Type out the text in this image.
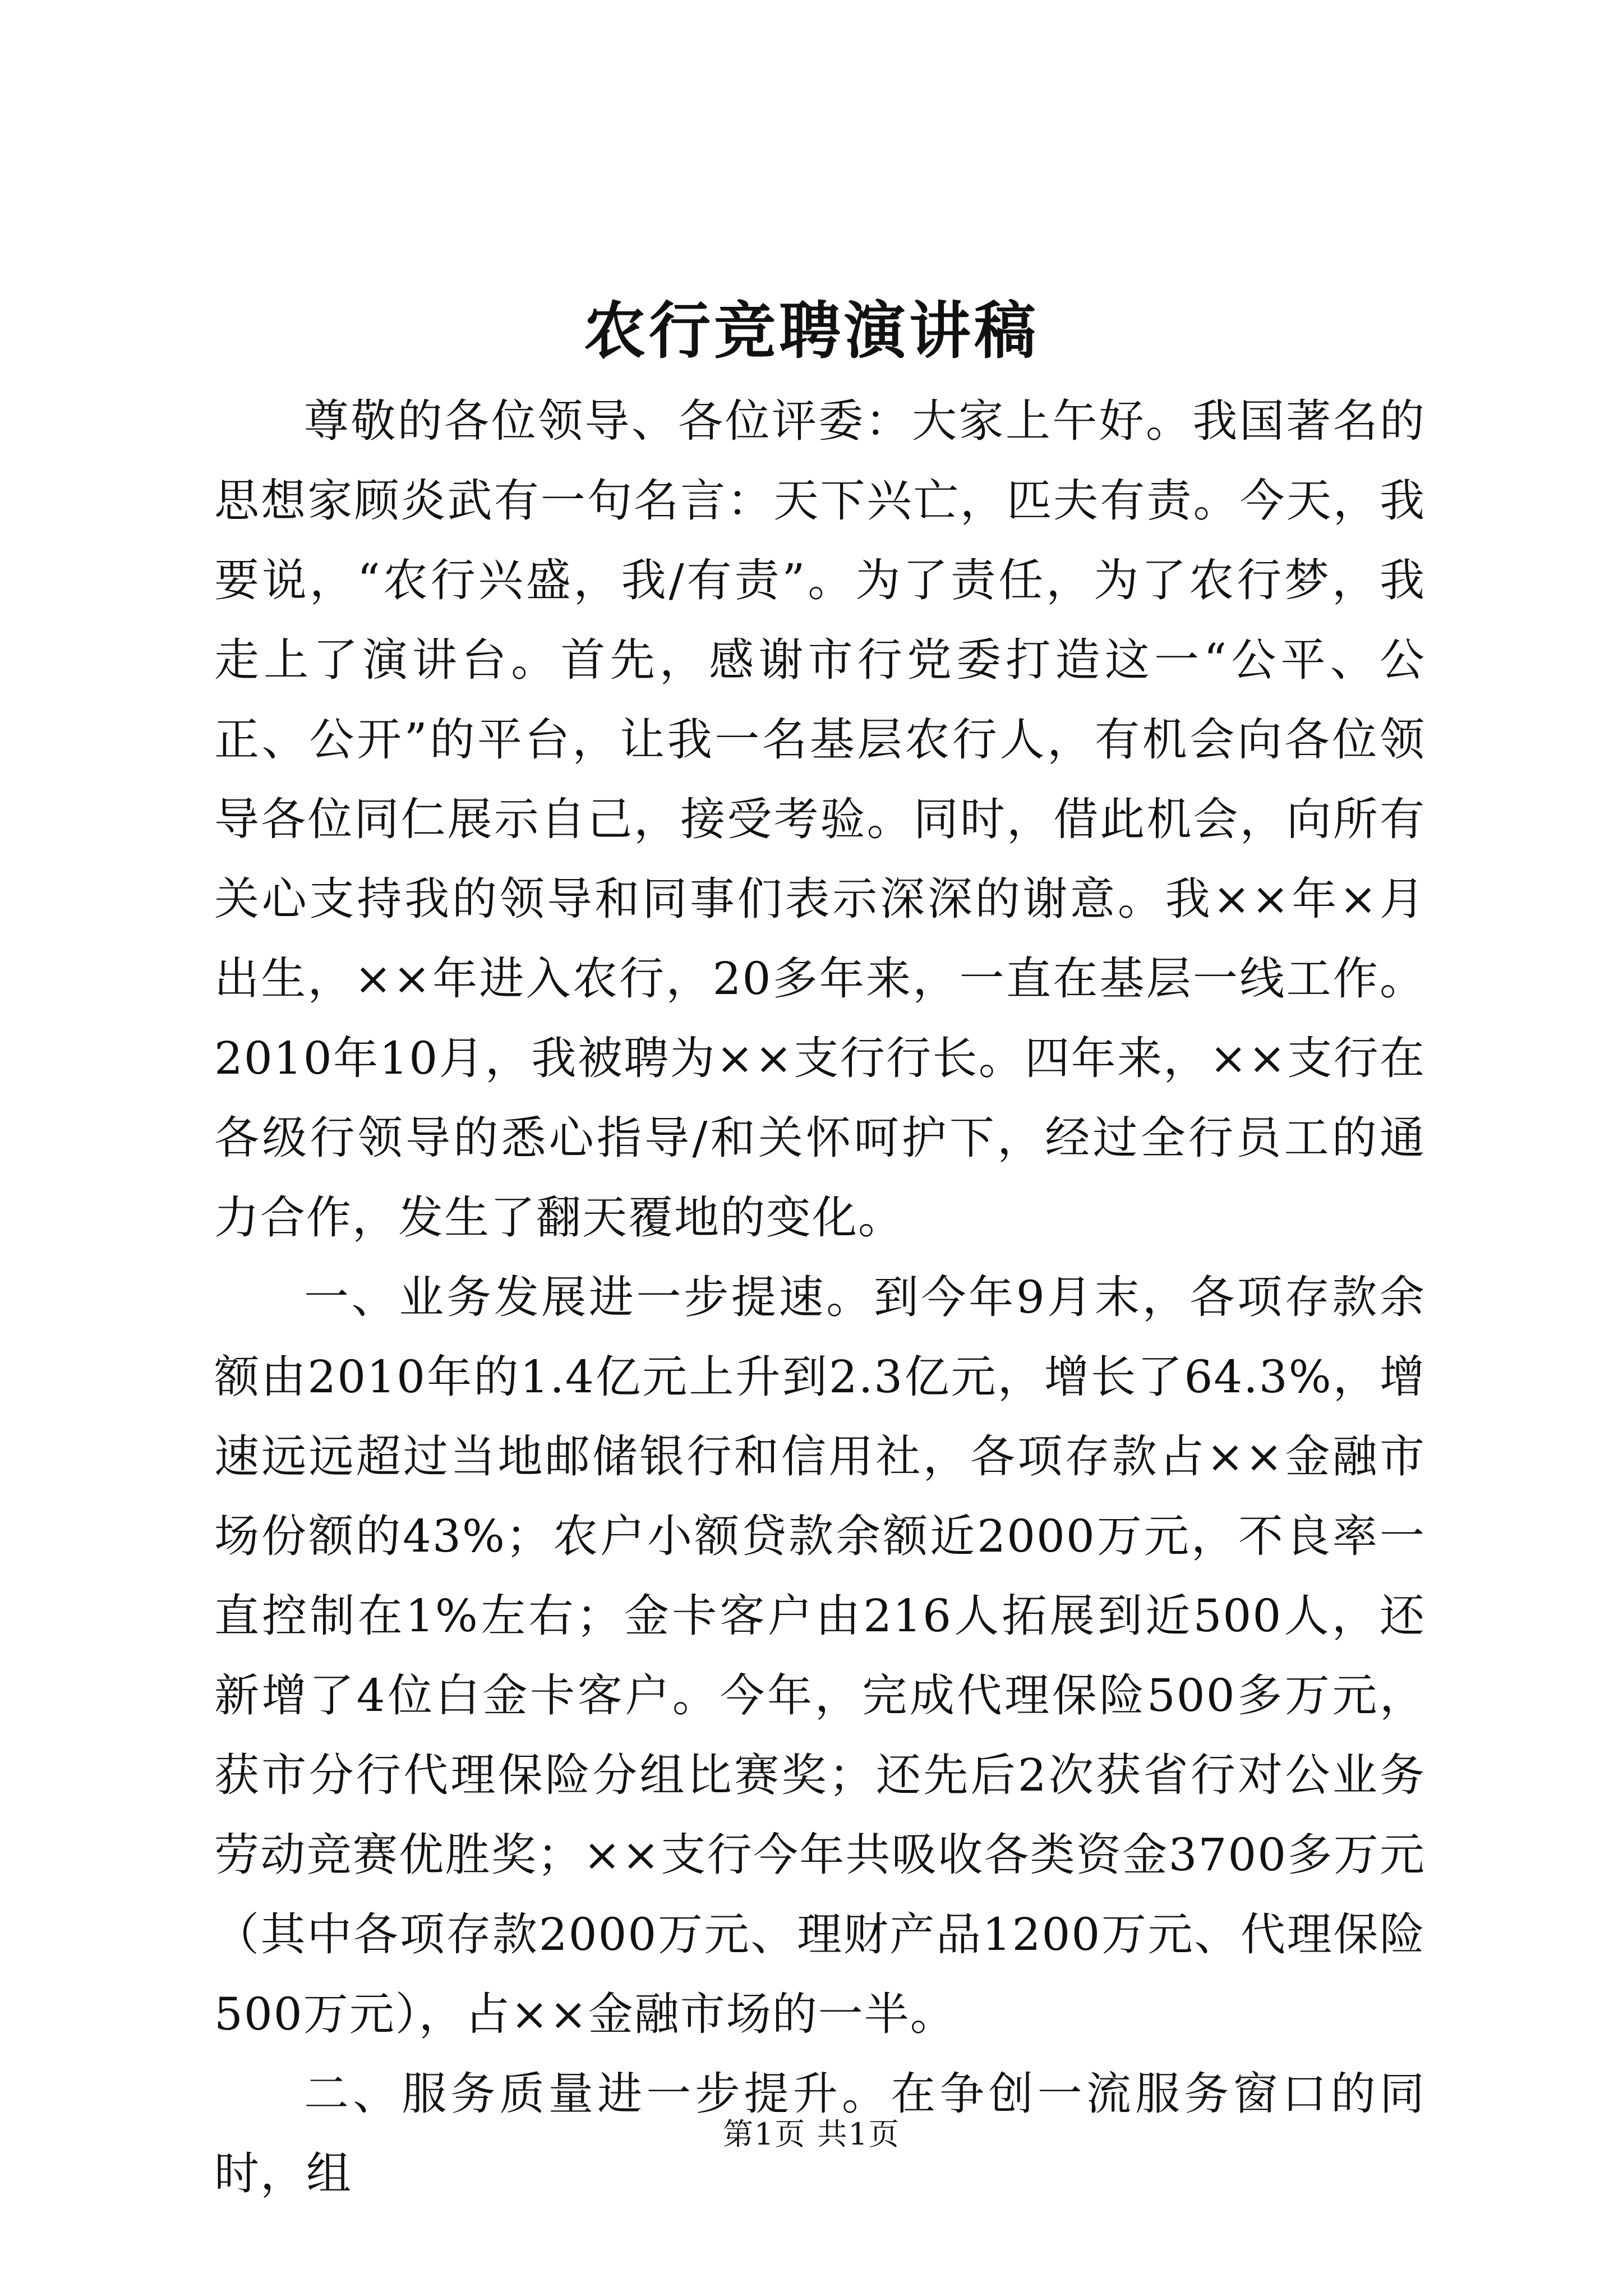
农行竞聘演讲稿

尊敬的各位领导、各位评委：大家上午好。我国著名的思想家顾炎武有一句名言：天下兴亡，匹夫有责。今天，我要说，“农行兴盛，我/有责”。为了责任，为了农行梦，我走上了演讲台。首先，感谢市行党委打造这一“公平、公正、公开”的平台，让我一名基层农行人，有机会向各位领导各位同仁展示自己，接受考验。同时，借此机会，向所有关心支持我的领导和同事们表示深深的谢意。我××年×月出生，××年进入农行，20多年来，一直在基层一线工作。2010年10月，我被聘为××支行行长。四年来，××支行在各级行领导的悉心指导/和关怀呵护下，经过全行员工的通力合作，发生了翻天覆地的变化。

一、业务发展进一步提速。到今年9月末，各项存款余额由2010年的1.4亿元上升到2.3亿元，增长了64.3%，增速远远超过当地邮储银行和信用社，各项存款占××金融市场份额的43%；农户小额贷款余额近2000万元，不良率一直控制在1%左右；金卡客户由216人拓展到近500人，还新增了4位白金卡客户。今年，完成代理保险500多万元，获市分行代理保险分组比赛奖；还先后2次获省行对公业务劳动竞赛优胜奖；××支行今年共吸收各类资金3700多万元（其中各项存款2000万元、理财产品1200万元、代理保险500万元），占××金融市场的一半。

二、服务质量进一步提升。在争创一流服务窗口的同时，组

第1页 共1页
